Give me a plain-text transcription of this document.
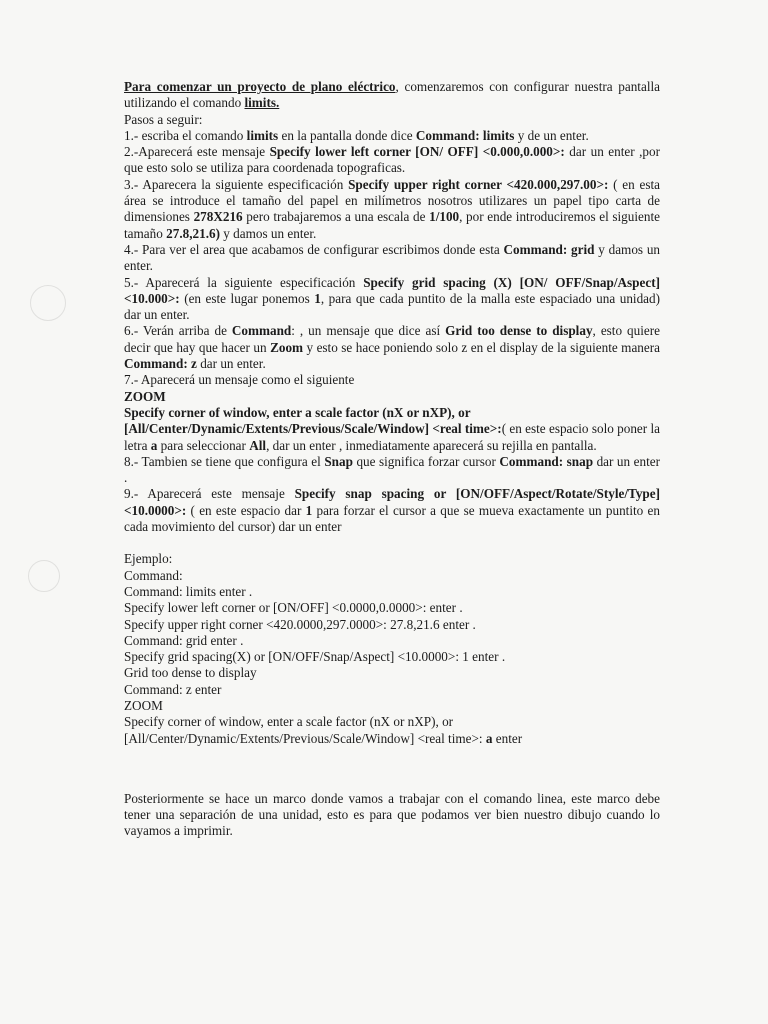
Para comenzar un proyecto de plano eléctrico, comenzaremos con configurar nuestra pantalla utilizando el comando limits.

Pasos a seguir:

1.- escriba el comando limits en la pantalla donde dice Command: limits y de un enter.

2.-Aparecerá este mensaje Specify lower left corner [ON/ OFF] <0.000,0.000>: dar un enter ,por que esto solo se utiliza para coordenada topograficas.

3.- Aparecera la siguiente especificación Specify upper right corner <420.000,297.00>: ( en esta área se introduce el tamaño del papel en milímetros nosotros utilizares un papel tipo carta de dimensiones 278X216 pero trabajaremos a una escala de 1/100, por ende introduciremos el siguiente tamaño 27.8,21.6) y damos un enter.

4.- Para ver el area que acabamos de configurar escribimos donde esta Command: grid y damos un enter.

5.- Aparecerá la siguiente especificación Specify grid spacing (X) [ON/ OFF/Snap/Aspect] <10.000>: (en este lugar ponemos 1, para que cada puntito de la malla este espaciado una unidad) dar un enter.

6.- Verán arriba de Command: , un mensaje que dice así Grid too dense to display, esto quiere decir que hay que hacer un Zoom y esto se hace poniendo solo z en el display de la siguiente manera Command: z dar un enter.

7.- Aparecerá un mensaje como el siguiente

ZOOM

Specify corner of window, enter a scale factor (nX or nXP), or

[All/Center/Dynamic/Extents/Previous/Scale/Window] <real time>:( en este espacio solo poner la letra a para seleccionar All, dar un enter , inmediatamente aparecerá su rejilla en pantalla.

8.- Tambien se tiene que configura el Snap que significa forzar cursor Command: snap dar un enter .

9.- Aparecerá este mensaje Specify snap spacing or [ON/OFF/Aspect/Rotate/Style/Type] <10.0000>: ( en este espacio dar 1 para forzar el cursor a que se mueva exactamente un puntito en cada movimiento del cursor) dar un enter

Ejemplo:

Command:

Command: limits enter .

Specify lower left corner or [ON/OFF] <0.0000,0.0000>: enter .

Specify upper right corner <420.0000,297.0000>: 27.8,21.6 enter .

Command: grid enter .

Specify grid spacing(X) or [ON/OFF/Snap/Aspect] <10.0000>: 1 enter .

Grid too dense to display

Command: z enter

ZOOM

Specify corner of window, enter a scale factor (nX or nXP), or

[All/Center/Dynamic/Extents/Previous/Scale/Window] <real time>: a enter

Posteriormente se hace un marco donde vamos a trabajar con el comando linea, este marco debe tener una separación de una unidad, esto es para que podamos ver bien nuestro dibujo cuando lo vayamos a imprimir.
